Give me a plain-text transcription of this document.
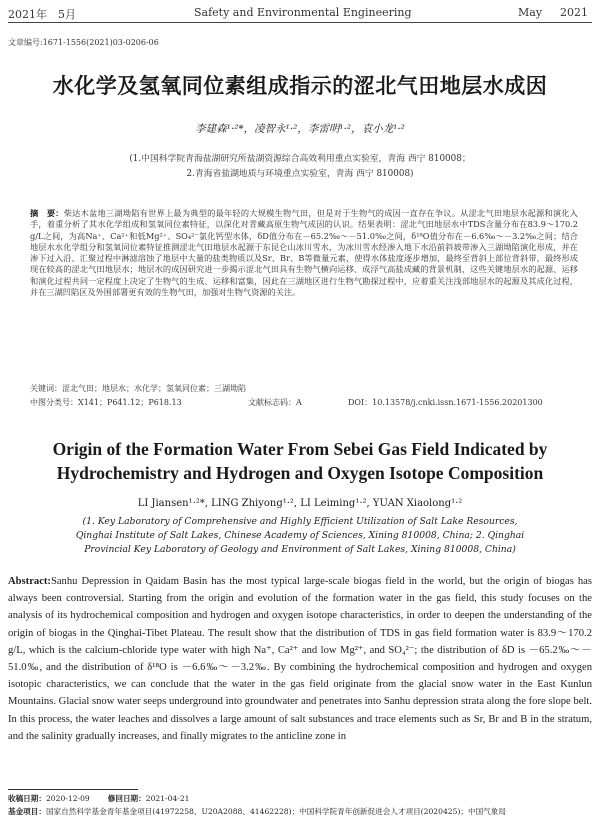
2021年　5月	Safety and Environmental Engineering	May 2021
文章编号:1671-1556(2021)03-0206-06
水化学及氢氧同位素组成指示的涩北气田地层水成因
李建森¹·²*，凌智永¹·²，李雷明¹·²，袁小龙¹·²
(1.中国科学院青海盐湖研究所盐湖资源综合高效利用重点实验室，青海 西宁 810008；
2.青海省盐湖地质与环境重点实验室，青海 西宁 810008)
摘　要：柴达木盆地三湖坳陷有世界上最为典型的最年轻的大规模生物气田，但是对于生物气的成因一直存在争议。从涩北气田地层水起源和演化入手，着重分析了其水化学组成和氢氧同位素特征，以深化对青藏高原生物气成因的认识。结果表明：涩北气田地层水中TDS含量分布在83.9～170.2 g/L之间，为高Na⁺、Ca²⁺和低Mg²⁺、SO₄²⁻氯化钙型水体，δD值分布在－65.2‰～－51.0‰之间，δ¹⁸O值分布在－6.6‰～－3.2‰之间；结合地层水水化学组分和氢氧同位素特征推测涩北气田地层水起源于东昆仑山冰川雪水，为冰川雪水经渗入地下水沿前斜坡带渗入三湖坳陷演化形成，并在渗下过入沿、汇聚过程中淋滤溶蚀了地层中大量的盐类物质以及Sr、Br、B等微量元素，使得水体盐度逐步增加，最终至背斜上部位背斜带，最终形成现在较高的涩北气田地层水；地层水的成因研究进一步揭示涩北气田具有生物气横向运移、成浮气高盐成藏的背景机制，这些关键地层水的起源、运移和演化过程共同一定程度上决定了生物气的生成、运移和富集，因此在三湖地区进行生物气勘探过程中，应着重关注浅部地层水的起源及其成化过程，并在三湖凹陷区及外围部署更有效的生物气田，加强对生物气资源的关注。
关键词：涩北气田；地层水；水化学；氢氧同位素；三湖坳陷
中图分类号：X141；P641.12；P618.13	文献标志码：A	DOI：10.13578/j.cnki.issn.1671-1556.20201300
Origin of the Formation Water From Sebei Gas Field Indicated by Hydrochemistry and Hydrogen and Oxygen Isotope Composition
LI Jiansen¹·²*, LING Zhiyong¹·², LI Leiming¹·², YUAN Xiaolong¹·²
(1. Key Laboratory of Comprehensive and Highly Efficient Utilization of Salt Lake Resources,
Qinghai Institute of Salt Lakes, Chinese Academy of Sciences, Xining 810008, China; 2. Qinghai
Provincial Key Laboratory of Geology and Environment of Salt Lakes, Xining 810008, China)
Abstract:Sanhu Depression in Qaidam Basin has the most typical large-scale biogas field in the world, but the origin of biogas has always been controversial. Starting from the origin and evolution of the formation water in the gas field, this study focuses on the analysis of its hydrochemical composition and hydrogen and oxygen isotope characteristics, in order to deepen the understanding of the origin of biogas in the Qinghai-Tibet Plateau. The result show that the distribution of TDS in gas field formation water is 83.9～170.2 g/L, which is the calcium-chloride type water with high Na⁺, Ca²⁺ and low Mg²⁺, and SO₄²⁻; the distribution of δD is －65.2‰～－51.0‰, and the distribution of δ¹⁸O is －6.6‰～－3.2‰. By combining the hydrochemical composition and hydrogen and oxygen isotopic characteristics, we can conclude that the water in the gas field originate from the glacial snow water in the East Kunlun Mountains. Glacial snow water seeps underground into groundwater and penetrates into Sanhu depression strata along the fore slope belt. In this process, the water leaches and dissolves a large amount of salt substances and trace elements such as Sr, Br and B in the stratum, and the salinity gradually increases, and finally migrates to the anticline zone in
收稿日期：2020-12-09 修回日期：2021-04-21
基金项目：国家自然科学基金青年基金项目(41972258、U20A2088、41462228)；中国科学院青年创新促进会人才项目(2020425)；中国气象局
